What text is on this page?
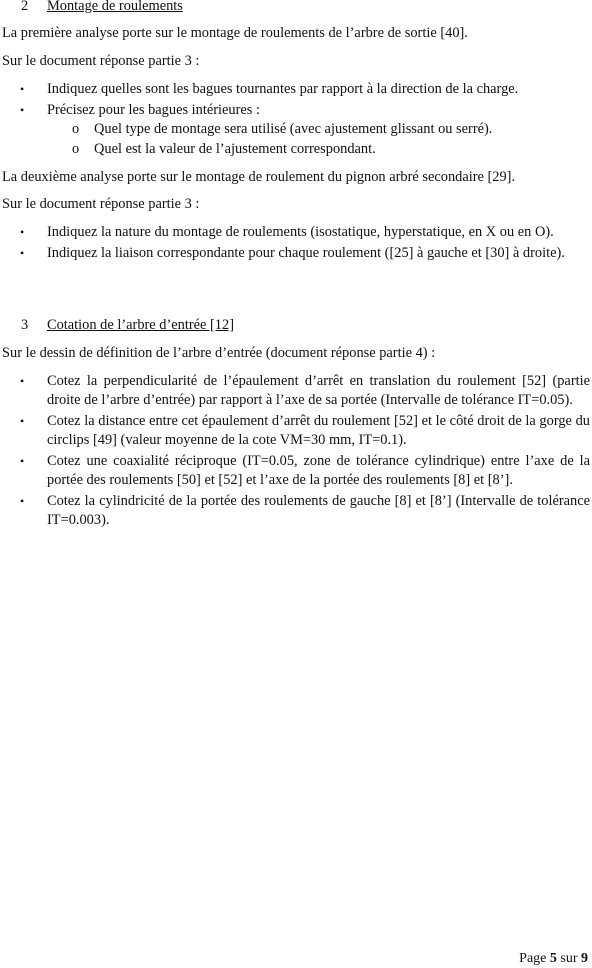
2 Montage de roulements
La première analyse porte sur le montage de roulements de l’arbre de sortie [40].
Sur le document réponse partie 3 :
•
Indiquez quelles sont les bagues tournantes par rapport à la direction de la charge.
•
Précisez pour les bagues intérieures :
o Quel type de montage sera utilisé (avec ajustement glissant ou serré).
o Quel est la valeur de l’ajustement correspondant.
La deuxième analyse porte sur le montage de roulement du pignon arbré secondaire [29].
Sur le document réponse partie 3 :
•
Indiquez la nature du montage de roulements (isostatique, hyperstatique, en X ou en O).
•
Indiquez la liaison correspondante pour chaque roulement ([25] à gauche et [30] à droite).
3 Cotation de l’arbre d’entrée [12]
Sur le dessin de définition de l’arbre d’entrée (document réponse partie 4) :
•
Cotez la perpendicularité de l’épaulement d’arrêt en translation du roulement [52] (partie droite de l’arbre d’entrée) par rapport à l’axe de sa portée (Intervalle de tolérance IT=0.05).
•
Cotez la distance entre cet épaulement d’arrêt du roulement [52] et le côté droit de la gorge du circlips [49] (valeur moyenne de la cote VM=30 mm, IT=0.1).
•
Cotez une coaxialité réciproque (IT=0.05, zone de tolérance cylindrique) entre l’axe de la portée des roulements [50] et [52] et l’axe de la portée des roulements [8] et [8’].
•
Cotez la cylindricité de la portée des roulements de gauche [8] et [8’] (Intervalle de tolérance IT=0.003).
Page 5 sur 9
